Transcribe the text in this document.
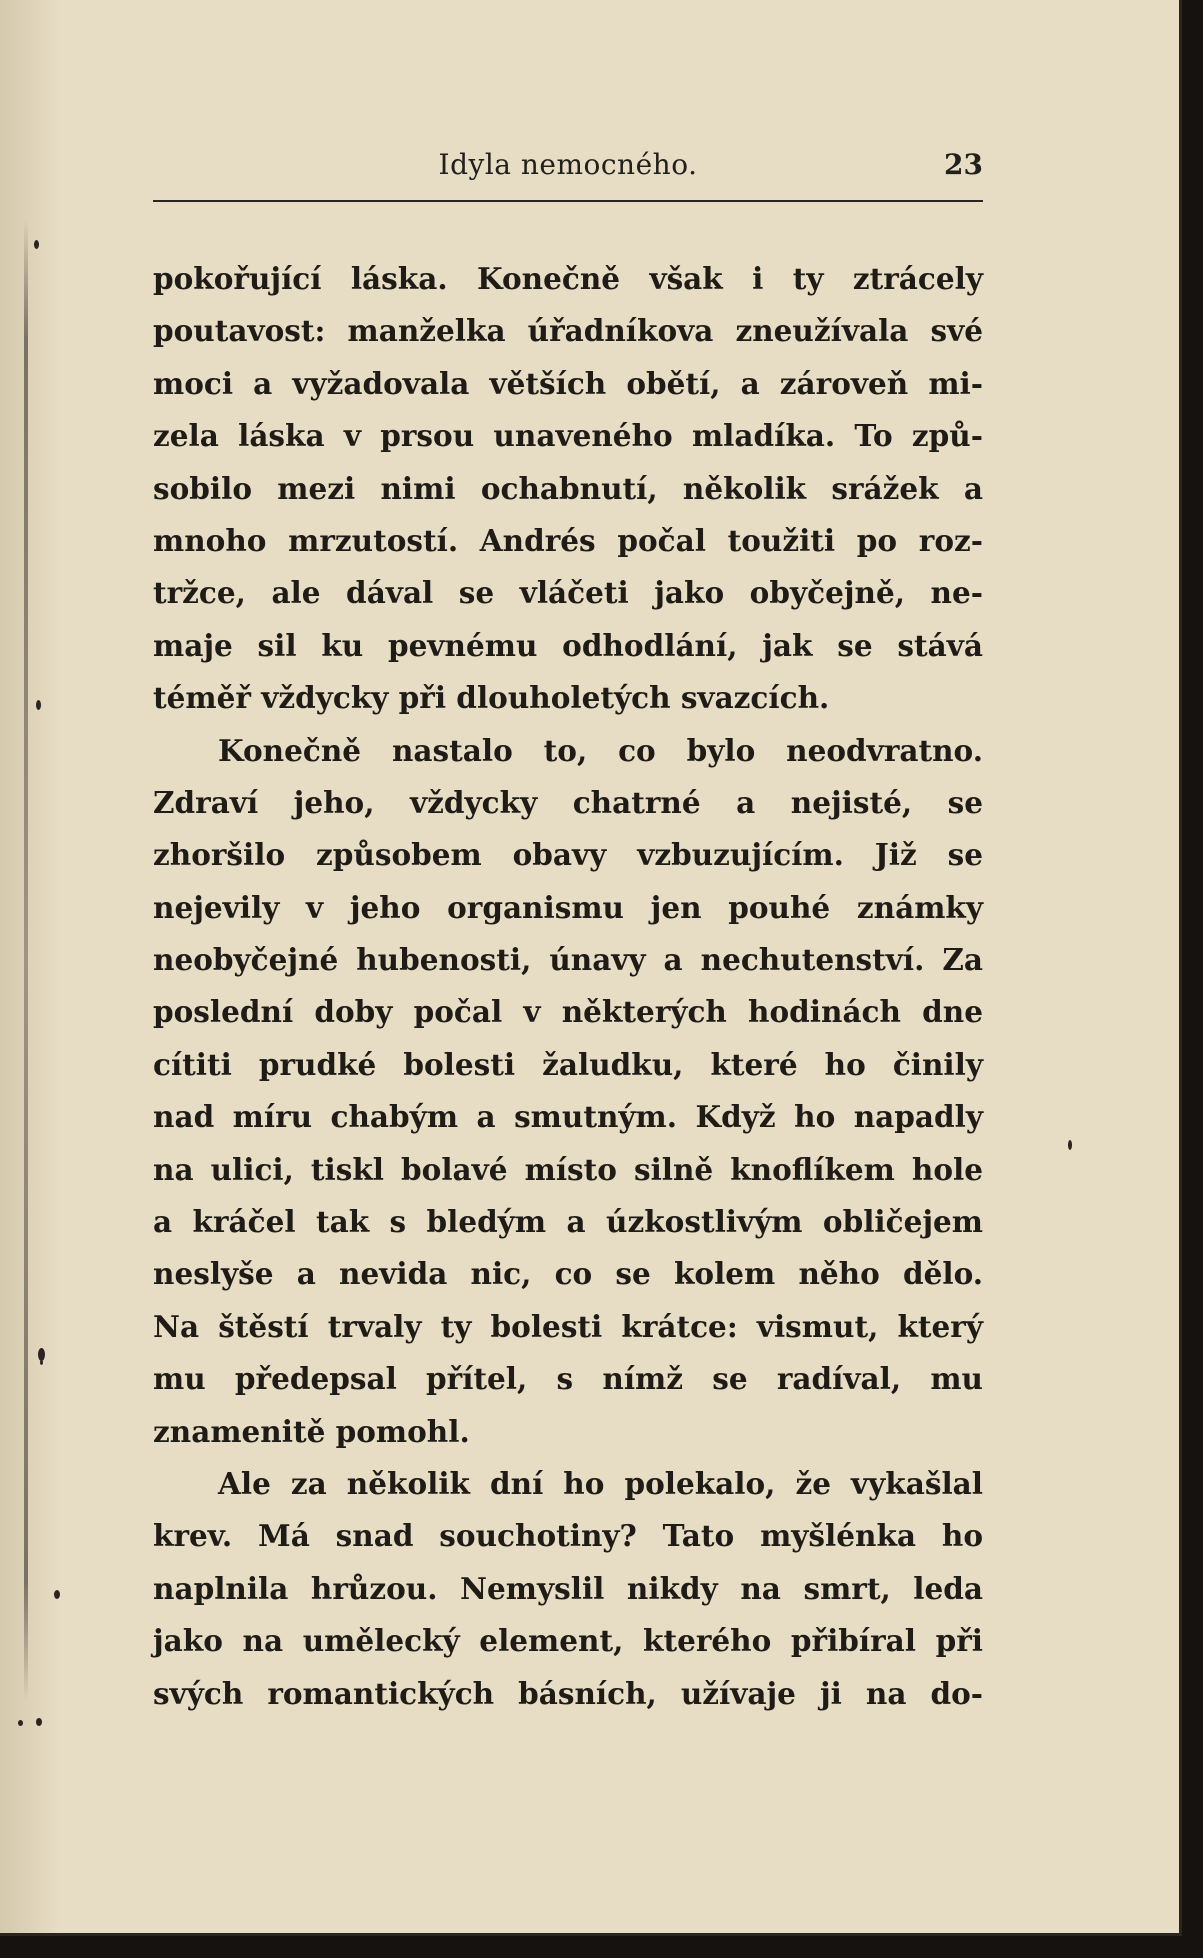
Idyla nemocného.	23
pokořující láska. Konečně však i ty ztrácely
poutavost: manželka úřadníkova zneužívala své
moci a vyžadovala větších obětí, a zároveň mi-
zela láska v prsou unaveného mladíka. To způ-
sobilo mezi nimi ochabnutí, několik srážek a
mnoho mrzutostí. Andrés počal toužiti po roz-
tržce, ale dával se vláčeti jako obyčejně, ne-
maje sil ku pevnému odhodlání, jak se stává
téměř vždycky při dlouholetých svazcích.
Konečně nastalo to, co bylo neodvratno.
Zdraví jeho, vždycky chatrné a nejisté, se
zhoršilo způsobem obavy vzbuzujícím. Již se
nejevily v jeho organismu jen pouhé známky
neobyčejné hubenosti, únavy a nechutenství. Za
poslední doby počal v některých hodinách dne
cítiti prudké bolesti žaludku, které ho činily
nad míru chabým a smutným. Když ho napadly
na ulici, tiskl bolavé místo silně knoflíkem hole
a kráčel tak s bledým a úzkostlivým obličejem
neslyše a nevida nic, co se kolem něho dělo.
Na štěstí trvaly ty bolesti krátce: vismut, který
mu předepsal přítel, s nímž se radíval, mu
znamenitě pomohl.
Ale za několik dní ho polekalo, že vykašlal
krev. Má snad souchotiny? Tato myšlénka ho
naplnila hrůzou. Nemyslil nikdy na smrt, leda
jako na umělecký element, kterého přibíral při
svých romantických básních, užívaje ji na do-
